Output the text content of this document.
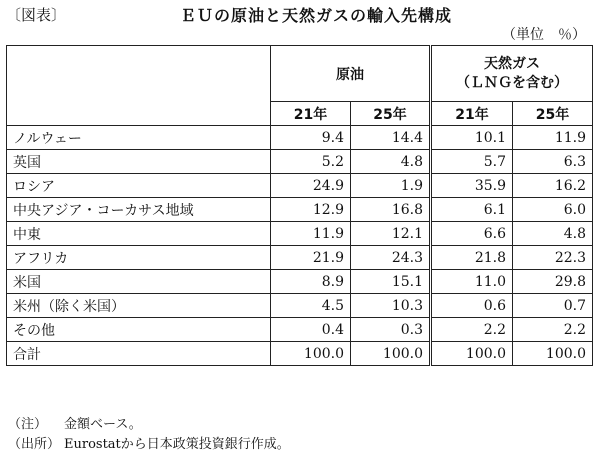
〔図表〕	ＥＵの原油と天然ガスの輸入先構成
（単位　％）
	原油		天然ガス
（ＬＮＧを含む）	

	21年	25年	21年	25年
ノルウェー	9.4	14.4	10.1	11.9
英国	5.2	4.8	5.7	6.3
ロシア	24.9	1.9	35.9	16.2
中央アジア・コーカサス地域	12.9	16.8	6.1	6.0
中東	11.9	12.1	6.6	4.8
アフリカ	21.9	24.3	21.8	22.3
米国	8.9	15.1	11.0	29.8
米州（除く米国）	4.5	10.3	0.6	0.7
その他	0.4	0.3	2.2	2.2
合計	100.0	100.0	100.0	100.0
（注） 金額ベース。
（出所） Eurostatから日本政策投資銀行作成。
